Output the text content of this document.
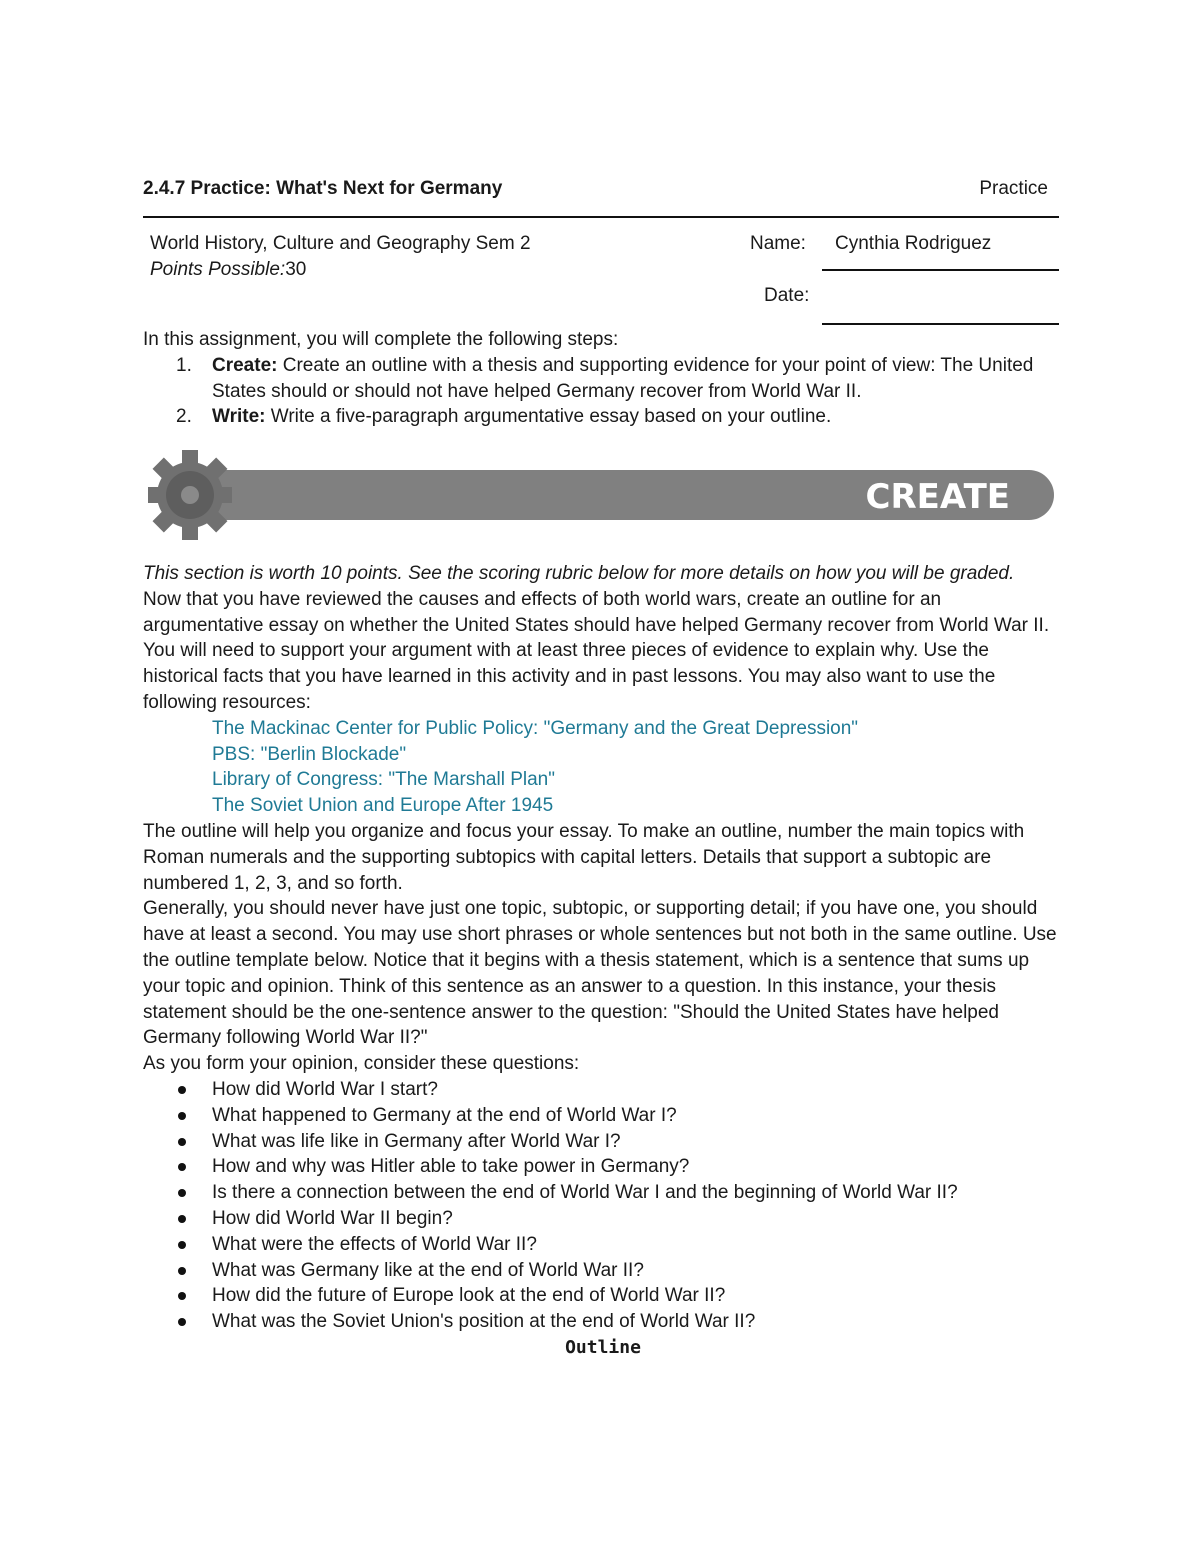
2.4.7 Practice: What's Next for Germany	Practice
World History, Culture and Geography Sem 2
Points Possible:30
Name: Cynthia Rodriguez
Date:
In this assignment, you will complete the following steps:
1. Create: Create an outline with a thesis and supporting evidence for your point of view: The United States should or should not have helped Germany recover from World War II.
2. Write: Write a five-paragraph argumentative essay based on your outline.
CREATE

This section is worth 10 points. See the scoring rubric below for more details on how you will be graded.

Now that you have reviewed the causes and effects of both world wars, create an outline for an argumentative essay on whether the United States should have helped Germany recover from World War II. You will need to support your argument with at least three pieces of evidence to explain why. Use the historical facts that you have learned in this activity and in past lessons. You may also want to use the following resources:

The Mackinac Center for Public Policy: "Germany and the Great Depression"
PBS: "Berlin Blockade"
Library of Congress: "The Marshall Plan"
The Soviet Union and Europe After 1945

The outline will help you organize and focus your essay. To make an outline, number the main topics with Roman numerals and the supporting subtopics with capital letters. Details that support a subtopic are numbered 1, 2, 3, and so forth.

Generally, you should never have just one topic, subtopic, or supporting detail; if you have one, you should have at least a second. You may use short phrases or whole sentences but not both in the same outline. Use the outline template below. Notice that it begins with a thesis statement, which is a sentence that sums up your topic and opinion. Think of this sentence as an answer to a question. In this instance, your thesis statement should be the one-sentence answer to the question: "Should the United States have helped Germany following World War II?"

As you form your opinion, consider these questions:

How did World War I start?
What happened to Germany at the end of World War I?
What was life like in Germany after World War I?
How and why was Hitler able to take power in Germany?
Is there a connection between the end of World War I and the beginning of World War II?
How did World War II begin?
What were the effects of World War II?
What was Germany like at the end of World War II?
How did the future of Europe look at the end of World War II?
What was the Soviet Union's position at the end of World War II?
Outline
